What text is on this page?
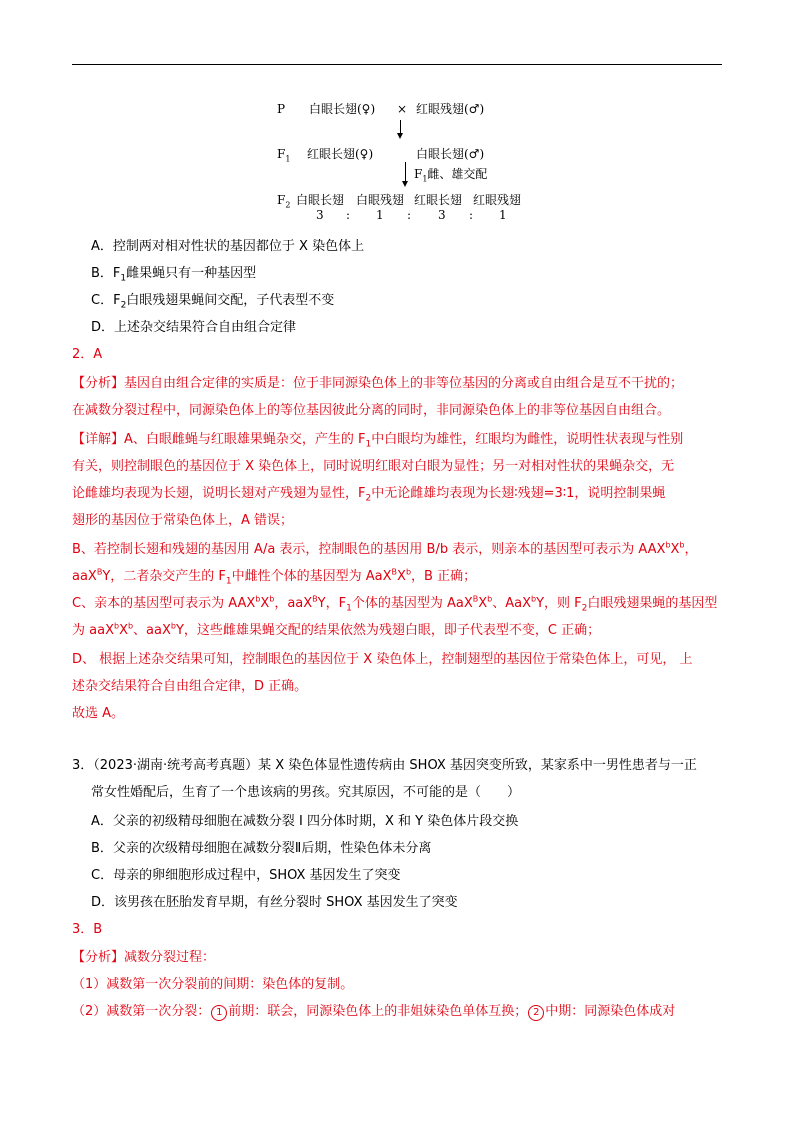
P 白眼长翅(♀) × 红眼残翅(♂)
$F_1$ 红眼长翅(♀)	白眼长翅(♂)
$F_1$雌、雄交配
$F_2$ 白眼长翅 白眼残翅 红眼长翅 红眼残翅
3 : 1 : 3 : 1
A．控制两对相对性状的基因都位于 X 染色体上
B．$F_1$雌果蝇只有一种基因型
C．$F_2$白眼残翅果蝇间交配，子代表型不变
D．上述杂交结果符合自由组合定律
2．A
【分析】基因自由组合定律的实质是：位于非同源染色体上的非等位基因的分离或自由组合是互不干扰的；
在减数分裂过程中，同源染色体上的等位基因彼此分离的同时，非同源染色体上的非等位基因自由组合。
【详解】A、白眼雌蝇与红眼雄果蝇杂交，产生的 $F_1$中白眼均为雄性，红眼均为雌性，说明性状表现与性别
有关，则控制眼色的基因位于 X 染色体上，同时说明红眼对白眼为显性；另一对相对性状的果蝇杂交，无
论雌雄均表现为长翅，说明长翅对产残翅为显性，$F_2$中无论雌雄均表现为长翅∶残翅=3∶1，说明控制果蝇
翅形的基因位于常染色体上，A 错误；
B、若控制长翅和残翅的基因用 A/a 表示，控制眼色的基因用 B/b 表示，则亲本的基因型可表示为 $AAX^bX^b$，
aaX$^B$Y，二者杂交产生的 $F_1$中雌性个体的基因型为 $AaX^BX^b$，B 正确；
C、亲本的基因型可表示为 $AAX^bX^b$，aaX$^B$Y，$F_1$个体的基因型为 $AaX^BX^b$、AaX$^b$Y，则 $F_2$白眼残翅果蝇的基因型
为 $aaX^bX^b$、aaX$^b$Y，这些雌雄果蝇交配的结果依然为残翅白眼，即子代表型不变，C 正确；
D、 根据上述杂交结果可知，控制眼色的基因位于 X 染色体上，控制翅型的基因位于常染色体上，可见， 上
述杂交结果符合自由组合定律，D 正确。
故选 A。
3．（2023·湖南·统考高考真题）某 X 染色体显性遗传病由 SHOX 基因突变所致，某家系中一男性患者与一正
常女性婚配后，生育了一个患该病的男孩。究其原因，不可能的是（　　）
A．父亲的初级精母细胞在减数分裂 I 四分体时期，X 和 Y 染色体片段交换
B．父亲的次级精母细胞在减数分裂Ⅱ后期，性染色体未分离
C．母亲的卵细胞形成过程中，SHOX 基因发生了突变
D．该男孩在胚胎发育早期，有丝分裂时 SHOX 基因发生了突变
3．B
【分析】减数分裂过程：
（1）减数第一次分裂前的间期：染色体的复制。
（2）减数第一次分裂： 1 前期：联会，同源染色体上的非姐妹染色单体互换； 2 中期：同源染色体成对
